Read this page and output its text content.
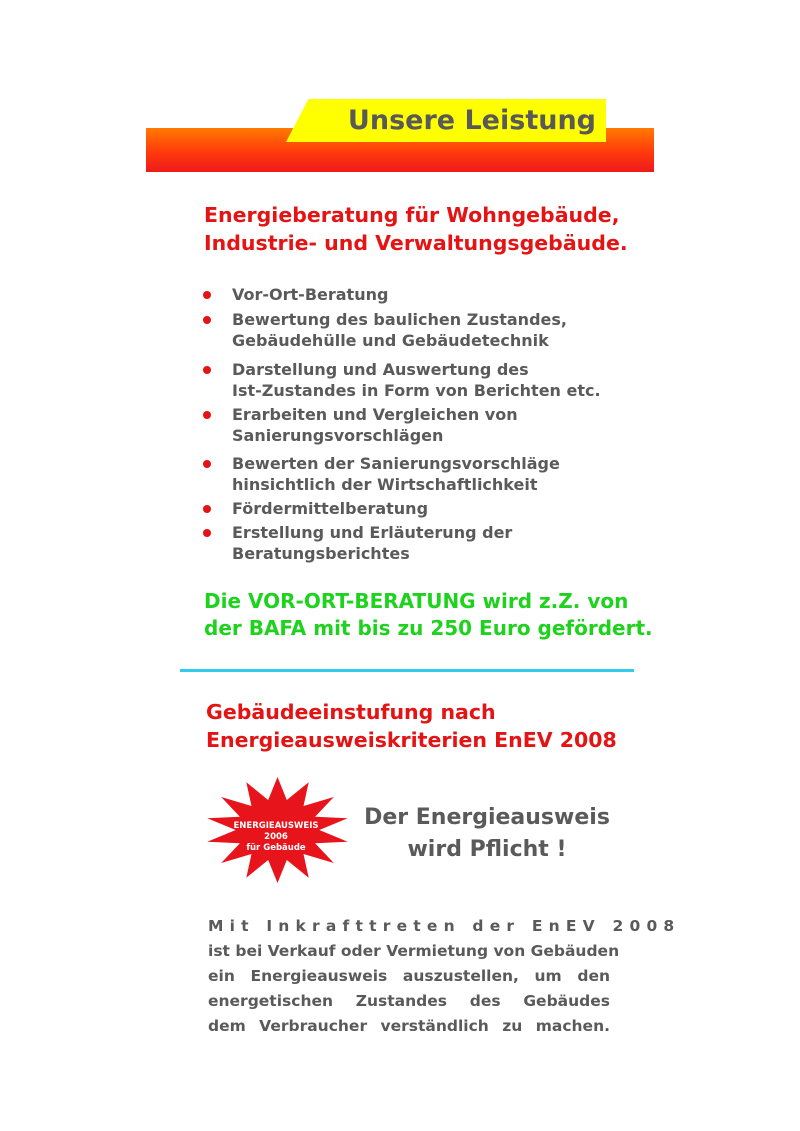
Unsere Leistung
Energieberatung für Wohngebäude,
Industrie- und Verwaltungsgebäude.
Vor-Ort-Beratung
Bewertung des baulichen Zustandes,
Gebäudehülle und Gebäudetechnik
Darstellung und Auswertung des
Ist-Zustandes in Form von Berichten etc.
Erarbeiten und Vergleichen von
Sanierungsvorschlägen
Bewerten der Sanierungsvorschläge
hinsichtlich der Wirtschaftlichkeit
Fördermittelberatung
Erstellung und Erläuterung der
Beratungsberichtes

Die VOR-ORT-BERATUNG wird z.Z. von
der BAFA mit bis zu 250 Euro gefördert.

Gebäudeeinstufung nach
Energieausweiskriterien EnEV 2008
ENERGIEAUSWEIS
2006
für Gebäude
Der Energieausweis
wird Pflicht !
Mit Inkrafttreten der EnEV 2008
ist bei Verkauf oder Vermietung von Gebäuden
ein Energieausweis auszustellen, um den
energetischen Zustandes des Gebäudes
dem Verbraucher verständlich zu machen.
